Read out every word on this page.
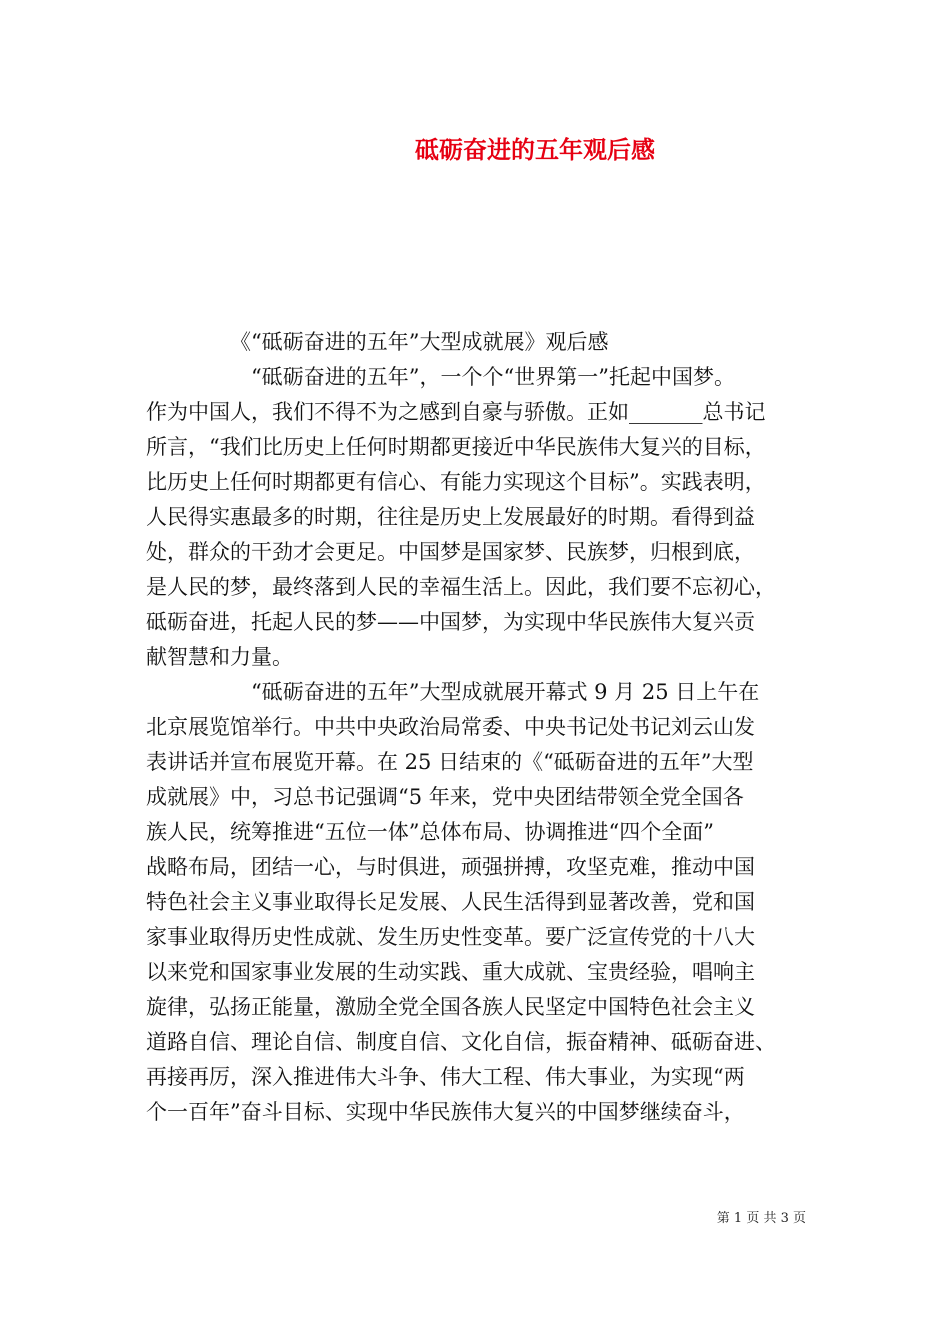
砥砺奋进的五年观后感
《“砥砺奋进的五年”大型成就展》观后感
“砥砺奋进的五年”，一个个“世界第一”托起中国梦。
作为中国人，我们不得不为之感到自豪与骄傲。正如_______总书记
所言，“我们比历史上任何时期都更接近中华民族伟大复兴的目标，
比历史上任何时期都更有信心、有能力实现这个目标”。实践表明，
人民得实惠最多的时期，往往是历史上发展最好的时期。看得到益
处，群众的干劲才会更足。中国梦是国家梦、民族梦，归根到底，
是人民的梦，最终落到人民的幸福生活上。因此，我们要不忘初心，
砥砺奋进，托起人民的梦——中国梦，为实现中华民族伟大复兴贡
献智慧和力量。
“砥砺奋进的五年”大型成就展开幕式 9 月 25 日上午在
北京展览馆举行。中共中央政治局常委、中央书记处书记刘云山发
表讲话并宣布展览开幕。在 25 日结束的《“砥砺奋进的五年”大型
成就展》中，习总书记强调“5 年来，党中央团结带领全党全国各
族人民，统筹推进“五位一体”总体布局、协调推进“四个全面”
战略布局，团结一心，与时俱进，顽强拼搏，攻坚克难，推动中国
特色社会主义事业取得长足发展、人民生活得到显著改善，党和国
家事业取得历史性成就、发生历史性变革。要广泛宣传党的十八大
以来党和国家事业发展的生动实践、重大成就、宝贵经验，唱响主
旋律，弘扬正能量，激励全党全国各族人民坚定中国特色社会主义
道路自信、理论自信、制度自信、文化自信，振奋精神、砥砺奋进、
再接再厉，深入推进伟大斗争、伟大工程、伟大事业，为实现“两
个一百年”奋斗目标、实现中华民族伟大复兴的中国梦继续奋斗，
第 1 页 共 3 页
